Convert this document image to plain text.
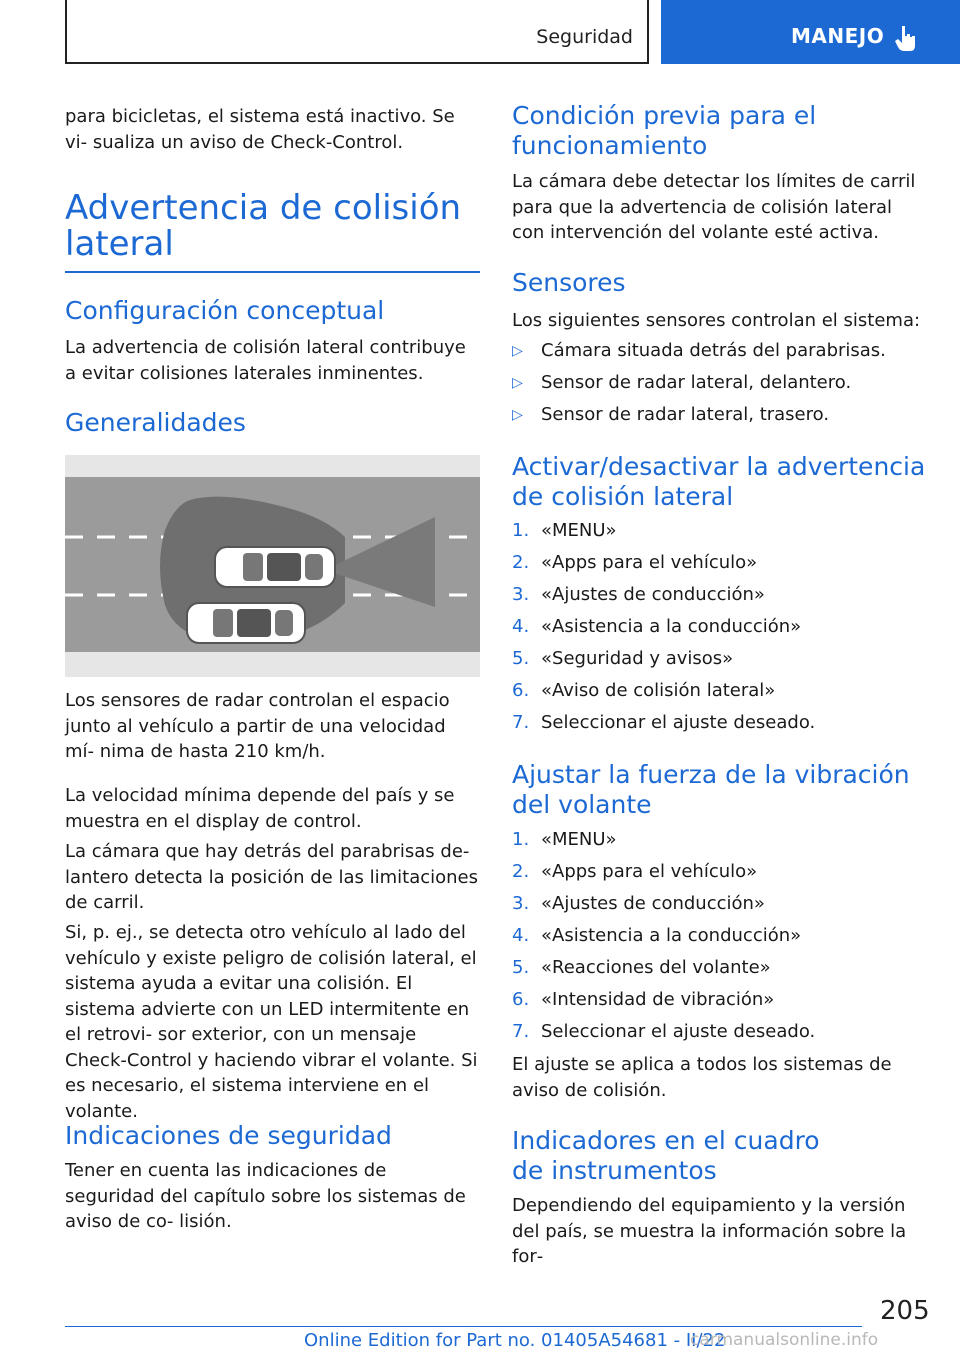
Seguridad	MANEJO

para bicicletas, el sistema está inactivo. Se vi‐ sualiza un aviso de Check-Control.

Advertencia de colisión lateral
Configuración conceptual

La advertencia de colisión lateral contribuye a evitar colisiones laterales inminentes.

Generalidades

Los sensores de radar controlan el espacio junto al vehículo a partir de una velocidad mí‐ nima de hasta 210 km/h.

La velocidad mínima depende del país y se muestra en el display de control.

La cámara que hay detrás del parabrisas de‐ lantero detecta la posición de las limitaciones de carril.

Si, p. ej., se detecta otro vehículo al lado del vehículo y existe peligro de colisión lateral, el sistema ayuda a evitar una colisión. El sistema advierte con un LED intermitente en el retrovi‐ sor exterior, con un mensaje Check-Control y haciendo vibrar el volante. Si es necesario, el sistema interviene en el volante.

Indicaciones de seguridad

Tener en cuenta las indicaciones de seguridad del capítulo sobre los sistemas de aviso de co‐ lisión.

Condición previa para el funcionamiento

La cámara debe detectar los límites de carril para que la advertencia de colisión lateral con intervención del volante esté activa.

Sensores

Los siguientes sensores controlan el sistema:

▷ Cámara situada detrás del parabrisas.
▷ Sensor de radar lateral, delantero.
▷ Sensor de radar lateral, trasero.
Activar/desactivar la advertencia de colisión lateral
1. «MENU»
2. «Apps para el vehículo»
3. «Ajustes de conducción»
4. «Asistencia a la conducción»
5. «Seguridad y avisos»
6. «Aviso de colisión lateral»
7. Seleccionar el ajuste deseado.
Ajustar la fuerza de la vibración del volante
1. «MENU»
2. «Apps para el vehículo»
3. «Ajustes de conducción»
4. «Asistencia a la conducción»
5. «Reacciones del volante»
6. «Intensidad de vibración»
7. Seleccionar el ajuste deseado.

El ajuste se aplica a todos los sistemas de aviso de colisión.

Indicadores en el cuadro de instrumentos

Dependiendo del equipamiento y la versión del país, se muestra la información sobre la for‐

205
Online Edition for Part no. 01405A54681 - II/22
carmanualsonline.info
